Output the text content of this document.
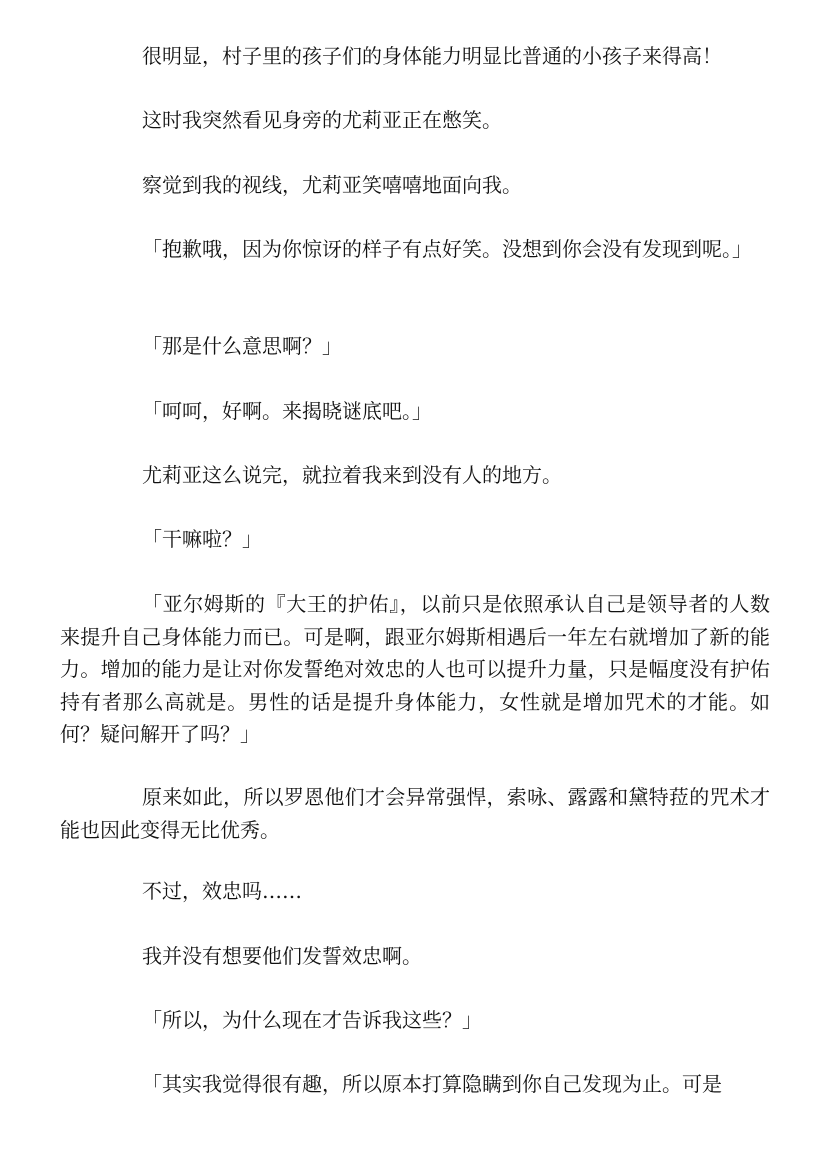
很明显，村子里的孩子们的身体能力明显比普通的小孩子来得高！

这时我突然看见身旁的尤莉亚正在憋笑。

察觉到我的视线，尤莉亚笑嘻嘻地面向我。

「抱歉哦，因为你惊讶的样子有点好笑。没想到你会没有发现到呢。」

「那是什么意思啊？」

「呵呵，好啊。来揭晓谜底吧。」

尤莉亚这么说完，就拉着我来到没有人的地方。

「干嘛啦？」

「亚尔姆斯的『大王的护佑』，以前只是依照承认自己是领导者的人数来提升自己身体能力而已。可是啊，跟亚尔姆斯相遇后一年左右就增加了新的能力。增加的能力是让对你发誓绝对效忠的人也可以提升力量，只是幅度没有护佑持有者那么高就是。男性的话是提升身体能力，女性就是增加咒术的才能。如何？疑问解开了吗？」

原来如此，所以罗恩他们才会异常强悍，索咏、露露和黛特菈的咒术才能也因此变得无比优秀。

不过，效忠吗……

我并没有想要他们发誓效忠啊。

「所以，为什么现在才告诉我这些？」

「其实我觉得很有趣，所以原本打算隐瞒到你自己发现为止。可是
